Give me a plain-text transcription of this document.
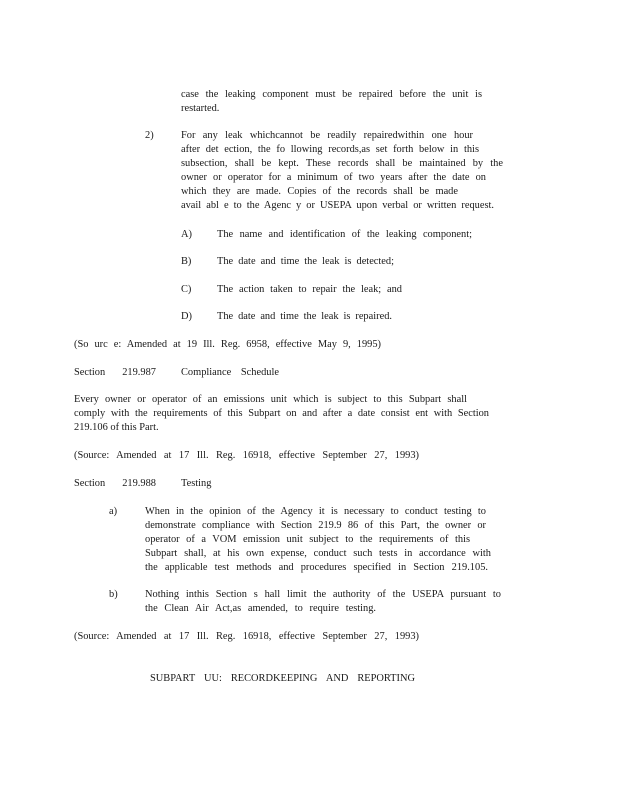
case the leaking component must be repaired before the unit is
restarted.
2)	For any leak whichcannot be readily repairedwithin one hour
after det ection, the fo llowing records,as set forth below in this
subsection, shall be kept. These records shall be maintained by the
owner or operator for a minimum of two years after the date on
which they are made. Copies of the records shall be made
avail abl e to the Agenc y or USEPA upon verbal or written request.
A) The name and identification of the leaking component;
B) The date and time the leak is detected;
C) The action taken to repair the leak; and
D) The date and time the leak is repaired.
(So urc e: Amended at 19 Ill. Reg. 6958, effective May 9, 1995)
Section 219.987 Compliance Schedule
Every owner or operator of an emissions unit which is subject to this Subpart shall
comply with the requirements of this Subpart on and after a date consist ent with Section
219.106 of this Part.
(Source: Amended at 17 Ill. Reg. 16918, effective September 27, 1993)
Section 219.988 Testing
a)	When in the opinion of the Agency it is necessary to conduct testing to
demonstrate compliance with Section 219.9 86 of this Part, the owner or
operator of a VOM emission unit subject to the requirements of this
Subpart shall, at his own expense, conduct such tests in accordance with
the applicable test methods and procedures specified in Section 219.105.
b)	Nothing inthis Section s hall limit the authority of the USEPA pursuant to
the Clean Air Act,as amended, to require testing.
(Source: Amended at 17 Ill. Reg. 16918, effective September 27, 1993)
SUBPART UU: RECORDKEEPING AND REPORTING
